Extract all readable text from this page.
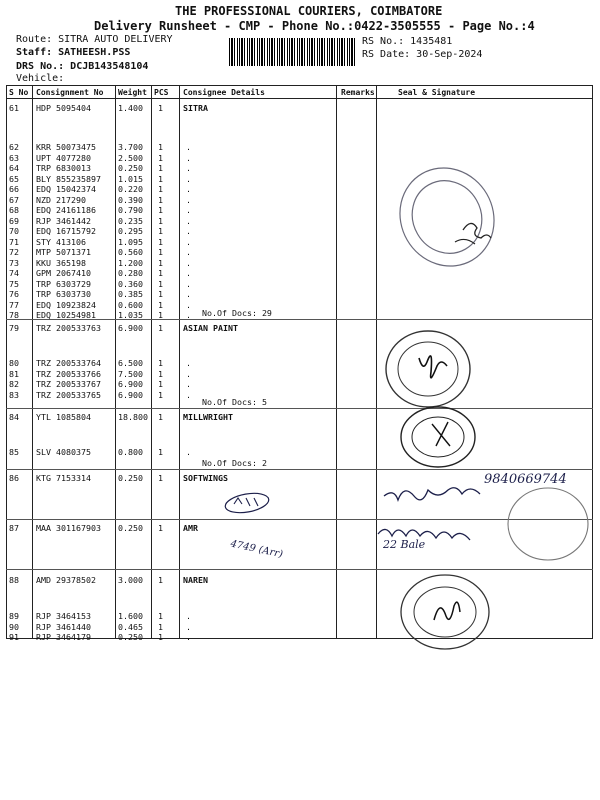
THE PROFESSIONAL COURIERS, COIMBATORE
Delivery Runsheet - CMP - Phone No.:0422-3505555 - Page No.:4
Route: SITRA AUTO DELIVERY
Staff: SATHEESH.PSS
DRS No.: DCJB143548104
Vehicle:
RS No.: 1435481
RS Date: 30-Sep-2024
S No Consignment No Weight PCS Consignee Details	Remarks	Seal & Signature
SITRA
61 HDP 5095404	1.400 1
62 KRR 50073475	3.700 1	.
63 UPT 4077280	2.500 1	.
64 TRP 6830013	0.250 1	.
65 BLY 855235897 1.015 1	.
66 EDQ 15042374	0.220 1	.
67 NZD 217290	0.390 1	.
68 EDQ 24161186	0.790 1	.
69 RJP 3461442	0.235 1	.
70 EDQ 16715792	0.295 1	.
71 STY 413106	1.095 1	.
72 MTP 5071371	0.560 1	.
73 KKU 365198	1.200 1	.
74 GPM 2067410	0.280 1	.
75 TRP 6303729	0.360 1	.
76 TRP 6303730	0.385 1	.
77 EDQ 10923824	0.600 1	.
78 EDQ 10254981	1.035 1	. No.Of Docs: 29
ASIAN PAINT
79 TRZ 200533763 6.900 1
80 TRZ 200533764 6.500 1	.
81 TRZ 200533766 7.500 1	.
82 TRZ 200533767 6.900 1	.
83 TRZ 200533765 6.900 1	.
No.Of Docs: 5
MILLWRIGHT
84 YTL 1085804	18.800 1
85 SLV 4080375	0.800 1	.
No.Of Docs: 2
SOFTWINGS
86 KTG 7153314	0.250 1
AMR
87 MAA 301167903 0.250 1
NAREN
88 AMD 29378502	3.000 1
89 RJP 3464153	1.600 1	.
90 RJP 3461440	0.465 1	.
91 RJP 3464179	0.250 1	.
9840669744
4749 (Arr)	22 Bale
